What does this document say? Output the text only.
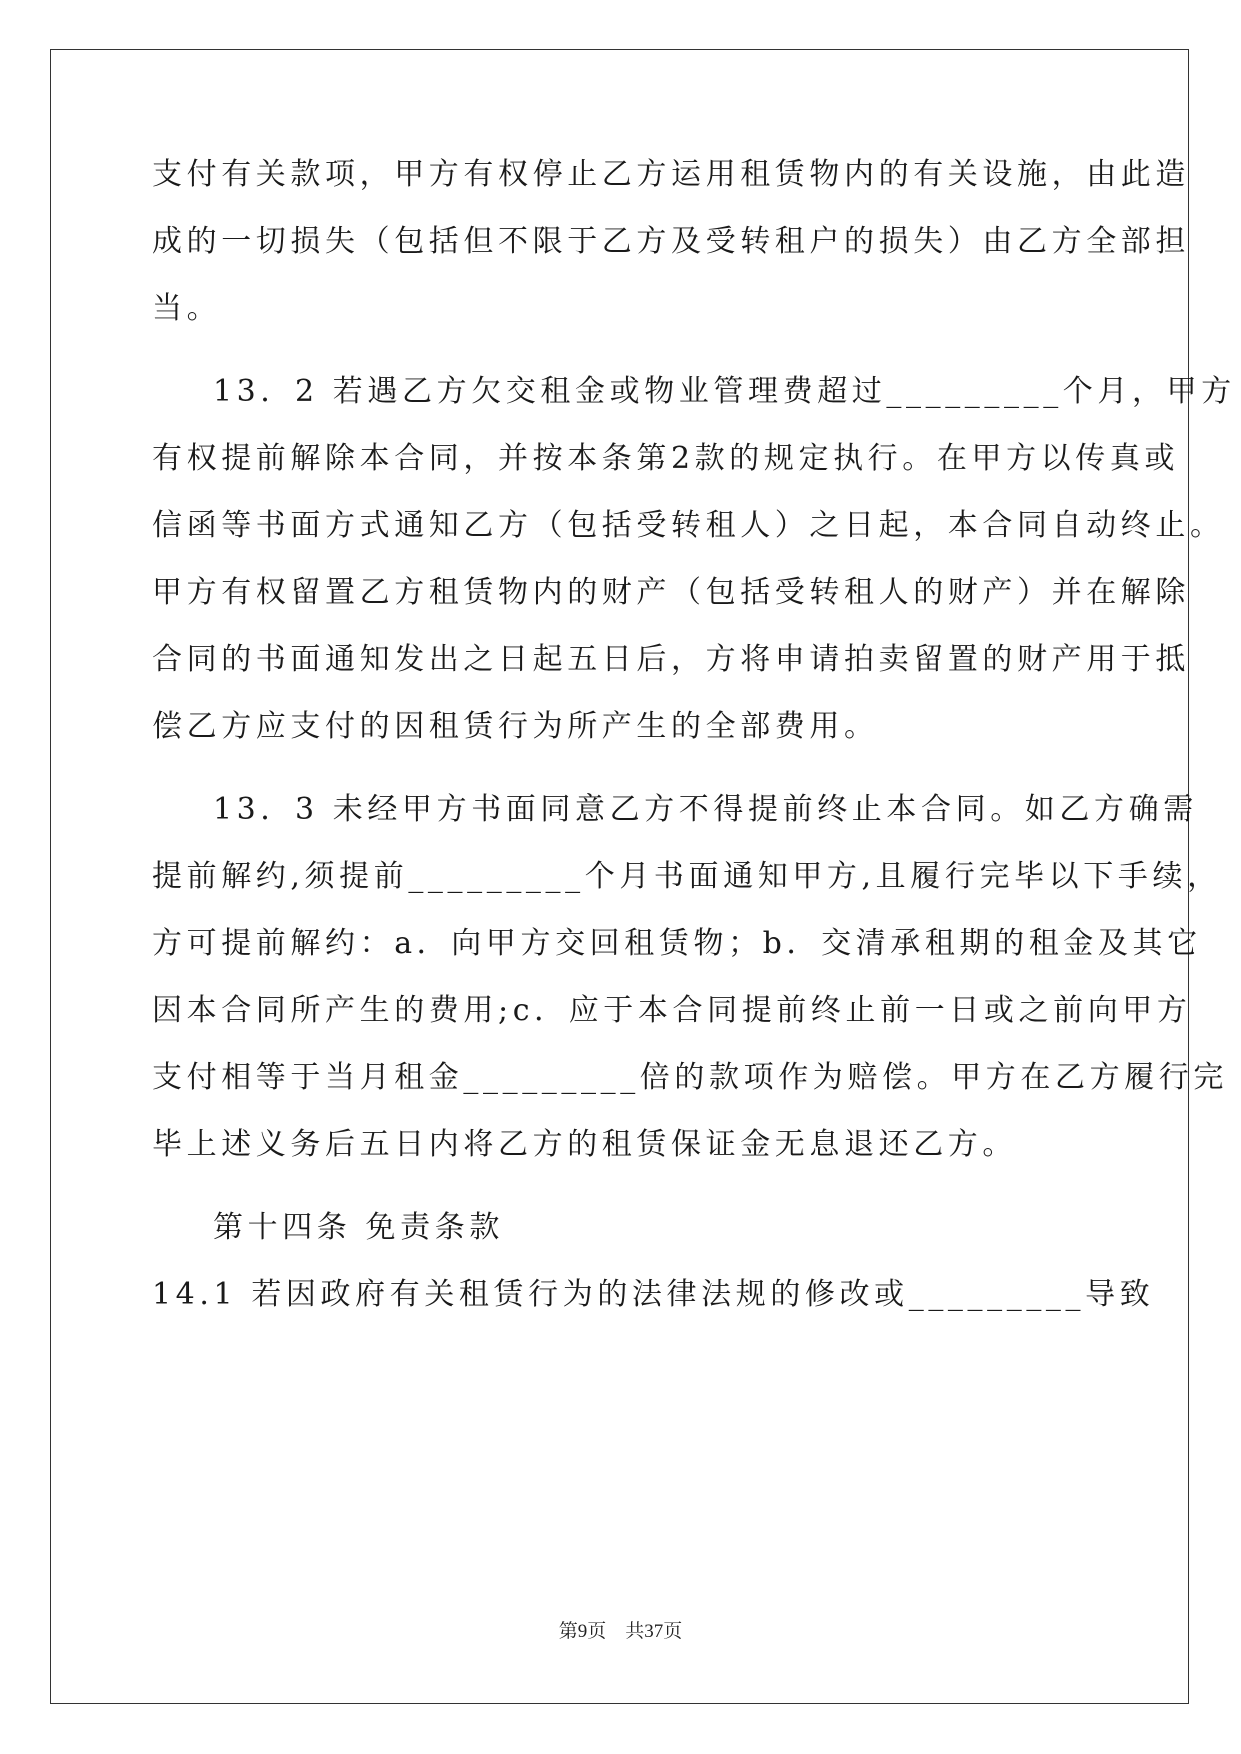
支付有关款项，甲方有权停止乙方运用租赁物内的有关设施，由此造
成的一切损失（包括但不限于乙方及受转租户的损失）由乙方全部担
当。
13．2 若遇乙方欠交租金或物业管理费超过_________个月，甲方
有权提前解除本合同，并按本条第2款的规定执行。在甲方以传真或
信函等书面方式通知乙方（包括受转租人）之日起，本合同自动终止。
甲方有权留置乙方租赁物内的财产（包括受转租人的财产）并在解除
合同的书面通知发出之日起五日后，方将申请拍卖留置的财产用于抵
偿乙方应支付的因租赁行为所产生的全部费用。
13．3 未经甲方书面同意乙方不得提前终止本合同。如乙方确需
提前解约,须提前_________个月书面通知甲方,且履行完毕以下手续，
方可提前解约：a．向甲方交回租赁物；b．交清承租期的租金及其它
因本合同所产生的费用;c．应于本合同提前终止前一日或之前向甲方
支付相等于当月租金_________倍的款项作为赔偿。甲方在乙方履行完
毕上述义务后五日内将乙方的租赁保证金无息退还乙方。
第十四条 免责条款
14.1 若因政府有关租赁行为的法律法规的修改或_________导致
第9页    共37页
